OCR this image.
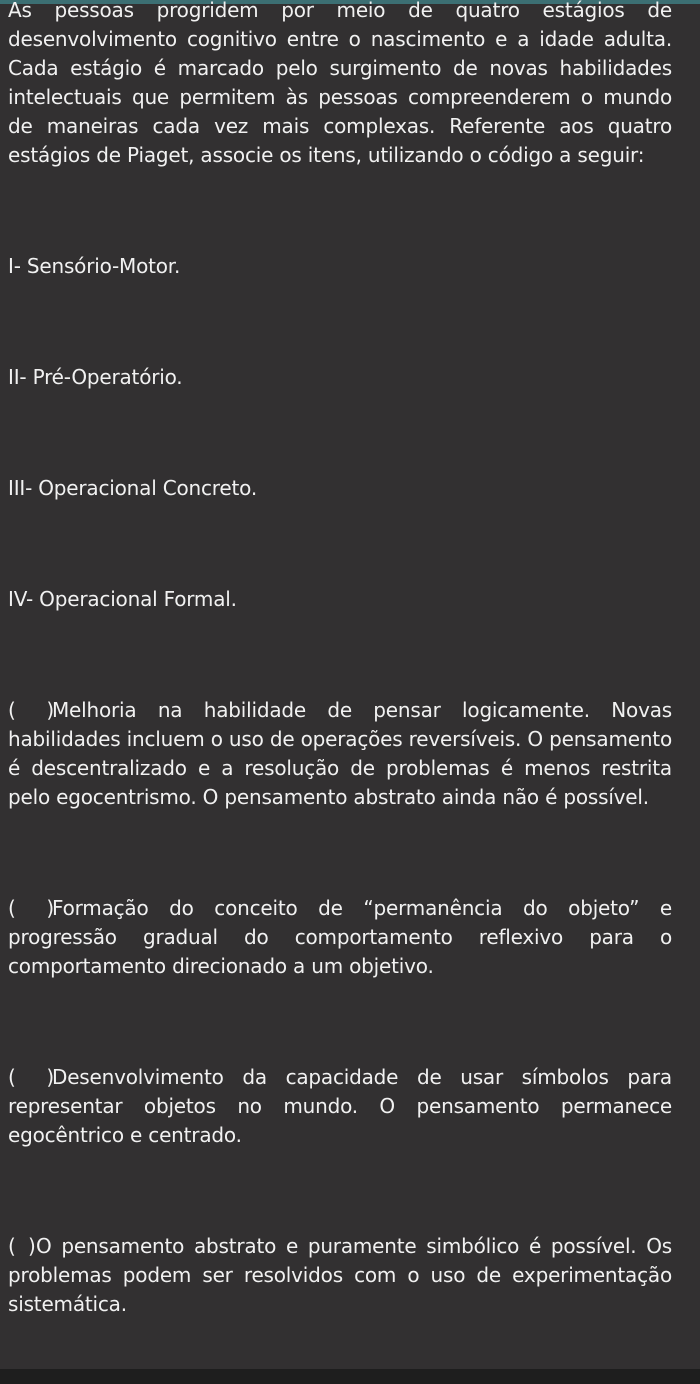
As pessoas progridem por meio de quatro estágios de desenvolvimento cognitivo entre o nascimento e a idade adulta. Cada estágio é marcado pelo surgimento de novas habilidades intelectuais que permitem às pessoas compreenderem o mundo de maneiras cada vez mais complexas. Referente aos quatro estágios de Piaget, associe os itens, utilizando o código a seguir:

I- Sensório-Motor.

II- Pré-Operatório.

III- Operacional Concreto.

IV- Operacional Formal.

( )Melhoria na habilidade de pensar logicamente. Novas habilidades incluem o uso de operações reversíveis. O pensamento é descentralizado e a resolução de problemas é menos restrita pelo egocentrismo. O pensamento abstrato ainda não é possível.

( )Formação do conceito de “permanência do objeto” e progressão gradual do comportamento reflexivo para o comportamento direcionado a um objetivo.

( )Desenvolvimento da capacidade de usar símbolos para representar objetos no mundo. O pensamento permanece egocêntrico e centrado.

( )O pensamento abstrato e puramente simbólico é possível. Os problemas podem ser resolvidos com o uso de experimentação sistemática.
